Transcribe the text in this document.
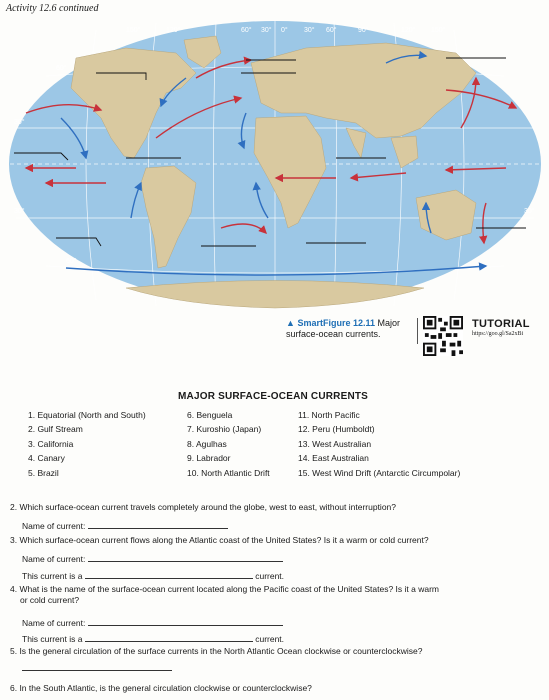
Activity 12.6 continued
150°	120°	60° 30° 0° 30° 60°	90°	120° 150°
60°
30°
30°	30°
60°
▲ SmartFigure 12.11 Major
surface-ocean currents.
TUTORIAL
https://goo.gl/Sa2xBi
MAJOR SURFACE-OCEAN CURRENTS
1. Equatorial (North and South)
2. Gulf Stream
3. California
4. Canary
5. Brazil
6. Benguela
7. Kuroshio (Japan)
8. Agulhas
9. Labrador
10. North Atlantic Drift
11. North Pacific
12. Peru (Humboldt)
13. West Australian
14. East Australian
15. West Wind Drift (Antarctic Circumpolar)
2. Which surface-ocean current travels completely around the globe, west to east, without interruption?
Name of current:
3. Which surface-ocean current flows along the Atlantic coast of the United States? Is it a warm or cold current?
Name of current:
This current is a	current.
4. What is the name of the surface-ocean current located along the Pacific coast of the United States? Is it a warm
or cold current?
Name of current:
This current is a	current.
5. Is the general circulation of the surface currents in the North Atlantic Ocean clockwise or counterclockwise?
6. In the South Atlantic, is the general circulation clockwise or counterclockwise?
